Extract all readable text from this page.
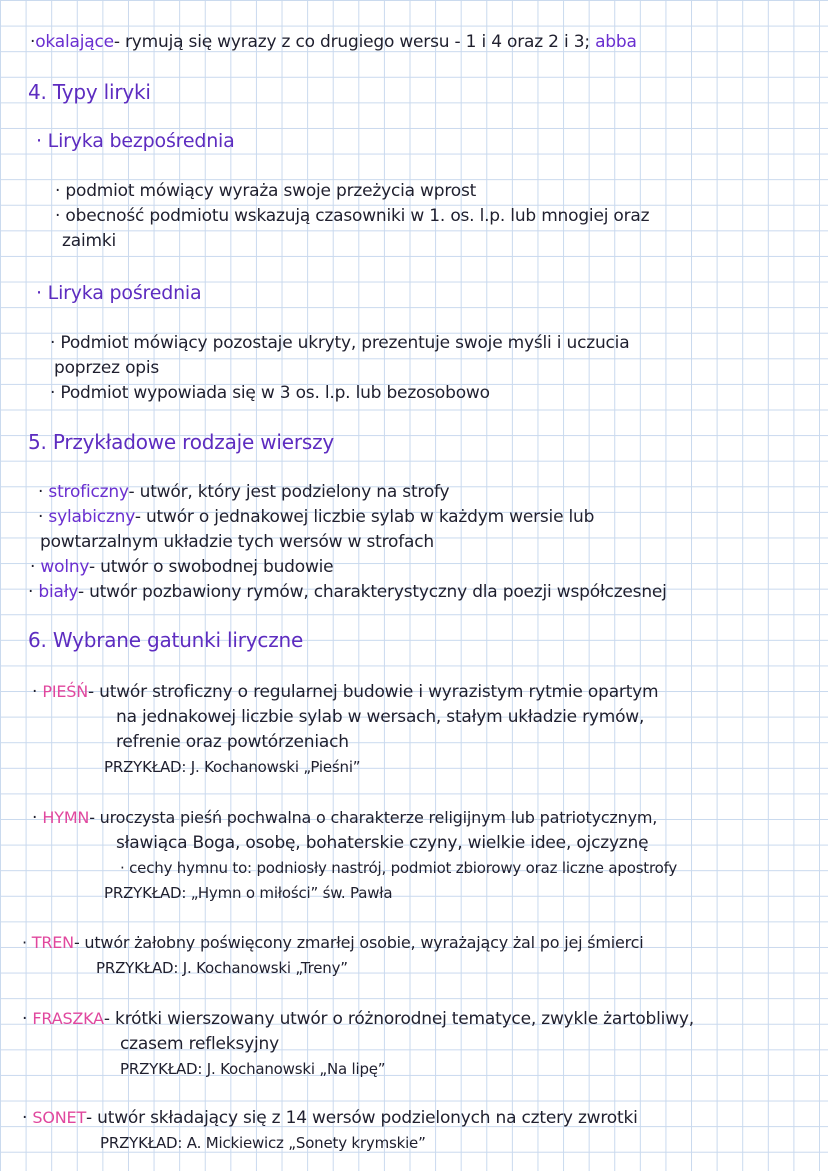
·okalające- rymują się wyrazy z co drugiego wersu - 1 i 4 oraz 2 i 3; abba
4. Typy liryki
· Liryka bezpośrednia
· podmiot mówiący wyraża swoje przeżycia wprost
· obecność podmiotu wskazują czasowniki w 1. os. l.p. lub mnogiej oraz
zaimki
· Liryka pośrednia
· Podmiot mówiący pozostaje ukryty, prezentuje swoje myśli i uczucia
poprzez opis
· Podmiot wypowiada się w 3 os. l.p. lub bezosobowo
5. Przykładowe rodzaje wierszy
· stroficzny- utwór, który jest podzielony na strofy
· sylabiczny- utwór o jednakowej liczbie sylab w każdym wersie lub
powtarzalnym układzie tych wersów w strofach
· wolny- utwór o swobodnej budowie
· biały- utwór pozbawiony rymów, charakterystyczny dla poezji współczesnej
6. Wybrane gatunki liryczne
· PIEŚŃ- utwór stroficzny o regularnej budowie i wyrazistym rytmie opartym
na jednakowej liczbie sylab w wersach, stałym układzie rymów,
refrenie oraz powtórzeniach
PRZYKŁAD: J. Kochanowski „Pieśni”
· HYMN- uroczysta pieśń pochwalna o charakterze religijnym lub patriotycznym,
sławiąca Boga, osobę, bohaterskie czyny, wielkie idee, ojczyznę
· cechy hymnu to: podniosły nastrój, podmiot zbiorowy oraz liczne apostrofy
PRZYKŁAD: „Hymn o miłości” św. Pawła
· TREN- utwór żałobny poświęcony zmarłej osobie, wyrażający żal po jej śmierci
PRZYKŁAD: J. Kochanowski „Treny”
· FRASZKA- krótki wierszowany utwór o różnorodnej tematyce, zwykle żartobliwy,
czasem refleksyjny
PRZYKŁAD: J. Kochanowski „Na lipę”
· SONET- utwór składający się z 14 wersów podzielonych na cztery zwrotki
PRZYKŁAD: A. Mickiewicz „Sonety krymskie”
